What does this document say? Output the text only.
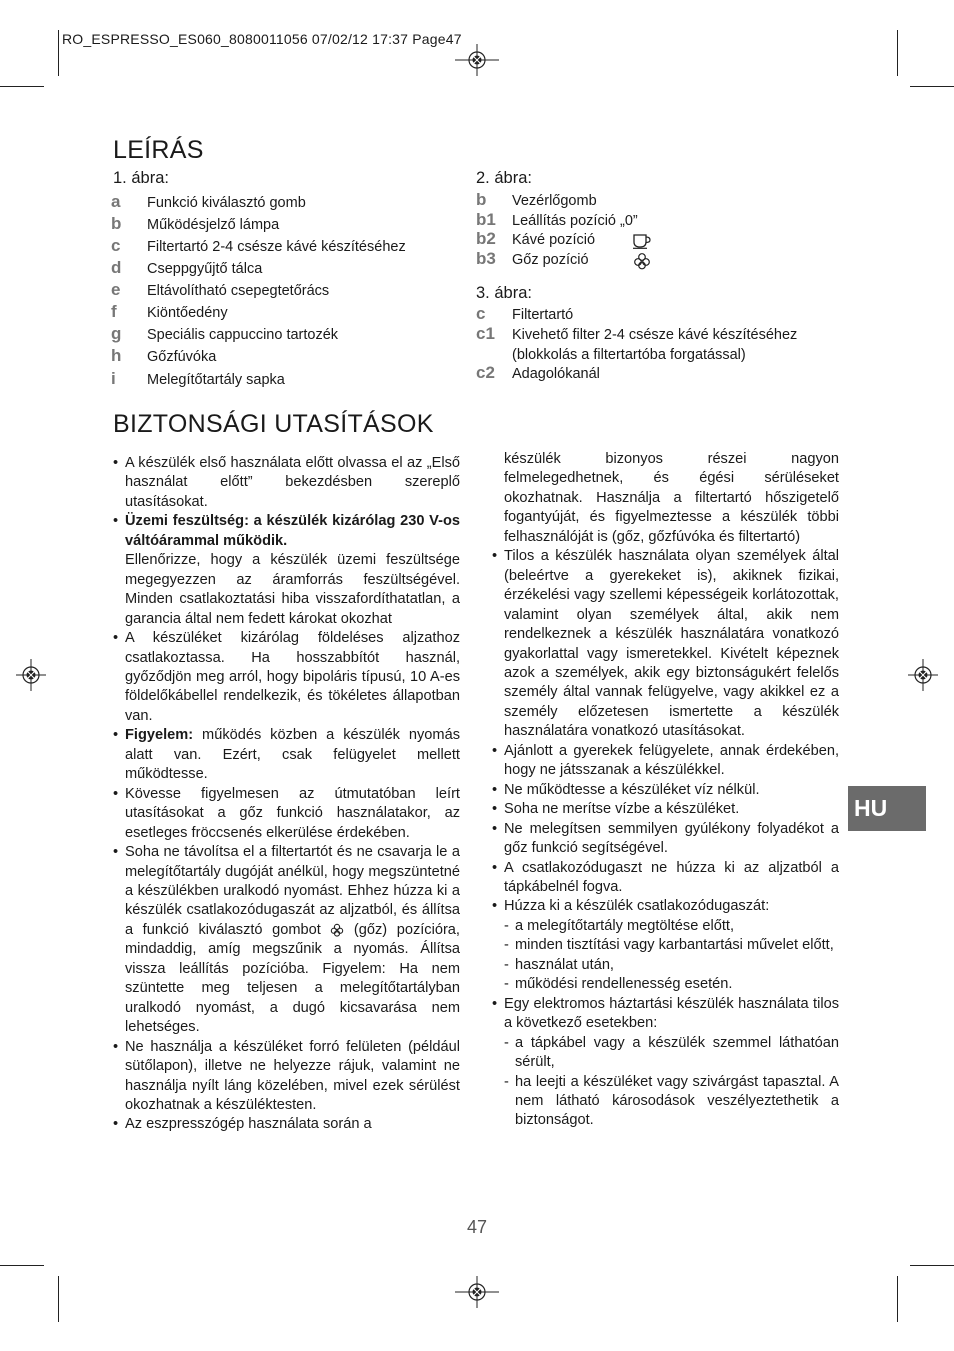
RO_ESPRESSO_ES060_8080011056 07/02/12 17:37 Page47
LEÍRÁS
1. ábra:
a Funkció kiválasztó gomb
b Működésjelző lámpa
c Filtertartó 2-4 csésze kávé készítéséhez
d Cseppgyűjtő tálca
e Eltávolítható csepegtetőrács
f Kiöntőedény
g Speciális cappuccino tartozék
h Gőzfúvóka
i Melegítőtartály sapka
2. ábra:
b Vezérlőgomb
b1 Leállítás pozíció „0”
b2 Kávé pozíció
b3 Gőz pozíció
3. ábra:
c Filtertartó
c1 Kivehető filter 2-4 csésze kávé készítéséhez
(blokkolás a filtertartóba forgatással)
c2 Adagolókanál
BIZTONSÁGI UTASÍTÁSOK

• A készülék első használata előtt olvassa el az „Első használat előtt” bekezdésben szereplő utasításokat.

• Üzemi feszültség: a készülék kizárólag 230 V-os váltóárammal működik.

Ellenőrizze, hogy a készülék üzemi feszültsége megegyezzen az áramforrás feszültségével. Minden csatlakoztatási hiba visszafordíthatatlan, a garancia által nem fedett károkat okozhat

• A készüléket kizárólag földeléses aljzathoz csatlakoztassa. Ha hosszabbítót használ, győződjön meg arról, hogy bipoláris típusú, 10 A-es földelőkábellel rendelkezik, és tökéletes állapotban van.

• Figyelem: működés közben a készülék nyomás alatt van. Ezért, csak felügyelet mellett működtesse.

• Kövesse figyelmesen az útmutatóban leírt utasításokat a gőz funkció használatakor, az esetleges fröccsenés elkerülése érdekében.

• Soha ne távolítsa el a filtertartót és ne csavarja le a melegítőtartály dugóját anélkül, hogy megszüntetné a készülékben uralkodó nyomást. Ehhez húzza ki a készülék csatlakozódugaszát az aljzatból, és állítsa a funkció kiválasztó gombot (gőz) pozícióra, mindaddig, amíg megszűnik a nyomás. Állítsa vissza leállítás pozícióba. Figyelem: Ha nem szüntette meg teljesen a melegítőtartályban uralkodó nyomást, a dugó kicsavarása nem lehetséges.

• Ne használja a készüléket forró felületen (például sütőlapon), illetve ne helyezze rájuk, valamint ne használja nyílt láng közelében, mivel ezek sérülést okozhatnak a készüléktesten.

• Az eszpresszógép használata során a

készülék bizonyos részei nagyon felmelegedhetnek, és égési sérüléseket okozhatnak. Használja a filtertartó hőszigetelő fogantyúját, és figyelmeztesse a készülék többi felhasználóját is (gőz, gőzfúvóka és filtertartó)

• Tilos a készülék használata olyan személyek által (beleértve a gyerekeket is), akiknek fizikai, érzékelési vagy szellemi képességeik korlátozottak, valamint olyan személyek által, akik nem rendelkeznek a készülék használatára vonatkozó gyakorlattal vagy ismeretekkel. Kivételt képeznek azok a személyek, akik egy biztonságukért felelős személy által vannak felügyelve, vagy akikkel ez a személy előzetesen ismertette a készülék használatára vonatkozó utasításokat.

• Ajánlott a gyerekek felügyelete, annak érdekében, hogy ne játsszanak a készülékkel.

• Ne működtesse a készüléket víz nélkül.

• Soha ne merítse vízbe a készüléket.

• Ne melegítsen semmilyen gyúlékony folyadékot a gőz funkció segítségével.

• A csatlakozódugaszt ne húzza ki az aljzatból a tápkábelnél fogva.

• Húzza ki a készülék csatlakozódugaszát:

- a melegítőtartály megtöltése előtt,

- minden tisztítási vagy karbantartási művelet előtt,

- használat után,

- működési rendellenesség esetén.

• Egy elektromos háztartási készülék használata tilos a következő esetekben:

- a tápkábel vagy a készülék szemmel láthatóan sérült,

- ha leejti a készüléket vagy szivárgást tapasztal. A nem látható károsodások veszélyeztethetik a biztonságot.

HU
47
